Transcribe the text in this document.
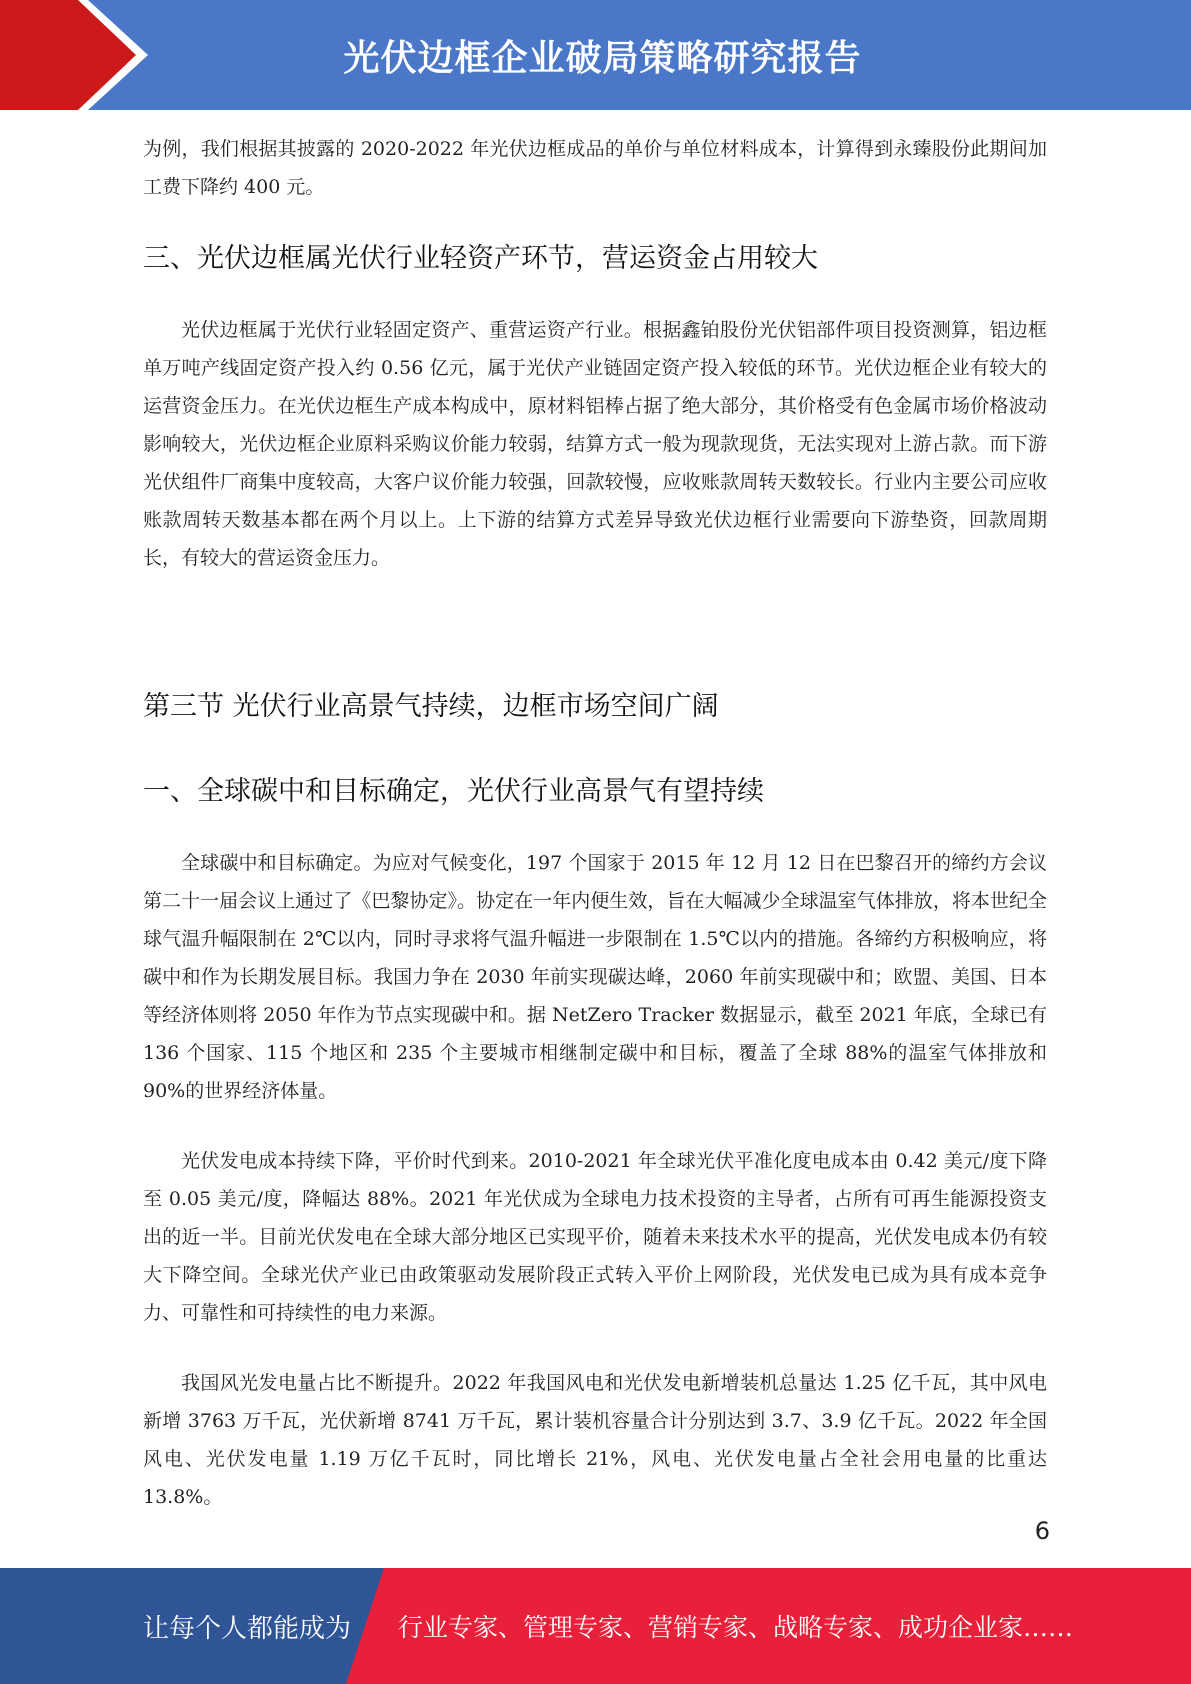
光伏边框企业破局策略研究报告

为例，我们根据其披露的 2020-2022 年光伏边框成品的单价与单位材料成本，计算得到永臻股份此期间加工费下降约 400 元。

三、光伏边框属光伏行业轻资产环节，营运资金占用较大

光伏边框属于光伏行业轻固定资产、重营运资产行业。根据鑫铂股份光伏铝部件项目投资测算，铝边框单万吨产线固定资产投入约 0.56 亿元，属于光伏产业链固定资产投入较低的环节。光伏边框企业有较大的运营资金压力。在光伏边框生产成本构成中，原材料铝棒占据了绝大部分，其价格受有色金属市场价格波动影响较大，光伏边框企业原料采购议价能力较弱，结算方式一般为现款现货，无法实现对上游占款。而下游光伏组件厂商集中度较高，大客户议价能力较强，回款较慢，应收账款周转天数较长。行业内主要公司应收账款周转天数基本都在两个月以上。上下游的结算方式差异导致光伏边框行业需要向下游垫资，回款周期长，有较大的营运资金压力。

第三节 光伏行业高景气持续，边框市场空间广阔
一、全球碳中和目标确定，光伏行业高景气有望持续

全球碳中和目标确定。为应对气候变化，197 个国家于 2015 年 12 月 12 日在巴黎召开的缔约方会议第二十一届会议上通过了《巴黎协定》。协定在一年内便生效，旨在大幅减少全球温室气体排放，将本世纪全球气温升幅限制在 2℃以内，同时寻求将气温升幅进一步限制在 1.5℃以内的措施。各缔约方积极响应，将碳中和作为长期发展目标。我国力争在 2030 年前实现碳达峰，2060 年前实现碳中和；欧盟、美国、日本等经济体则将 2050 年作为节点实现碳中和。据 NetZero Tracker 数据显示，截至 2021 年底，全球已有 136 个国家、115 个地区和 235 个主要城市相继制定碳中和目标，覆盖了全球 88%的温室气体排放和 90%的世界经济体量。

光伏发电成本持续下降，平价时代到来。2010-2021 年全球光伏平准化度电成本由 0.42 美元/度下降至 0.05 美元/度，降幅达 88%。2021 年光伏成为全球电力技术投资的主导者，占所有可再生能源投资支出的近一半。目前光伏发电在全球大部分地区已实现平价，随着未来技术水平的提高，光伏发电成本仍有较大下降空间。全球光伏产业已由政策驱动发展阶段正式转入平价上网阶段，光伏发电已成为具有成本竞争力、可靠性和可持续性的电力来源。

我国风光发电量占比不断提升。2022 年我国风电和光伏发电新增装机总量达 1.25 亿千瓦，其中风电新增 3763 万千瓦，光伏新增 8741 万千瓦，累计装机容量合计分别达到 3.7、3.9 亿千瓦。2022 年全国风电、光伏发电量 1.19 万亿千瓦时，同比增长 21%，风电、光伏发电量占全社会用电量的比重达 13.8%。

6
让每个人都能成为 行业专家、管理专家、营销专家、战略专家、成功企业家……
